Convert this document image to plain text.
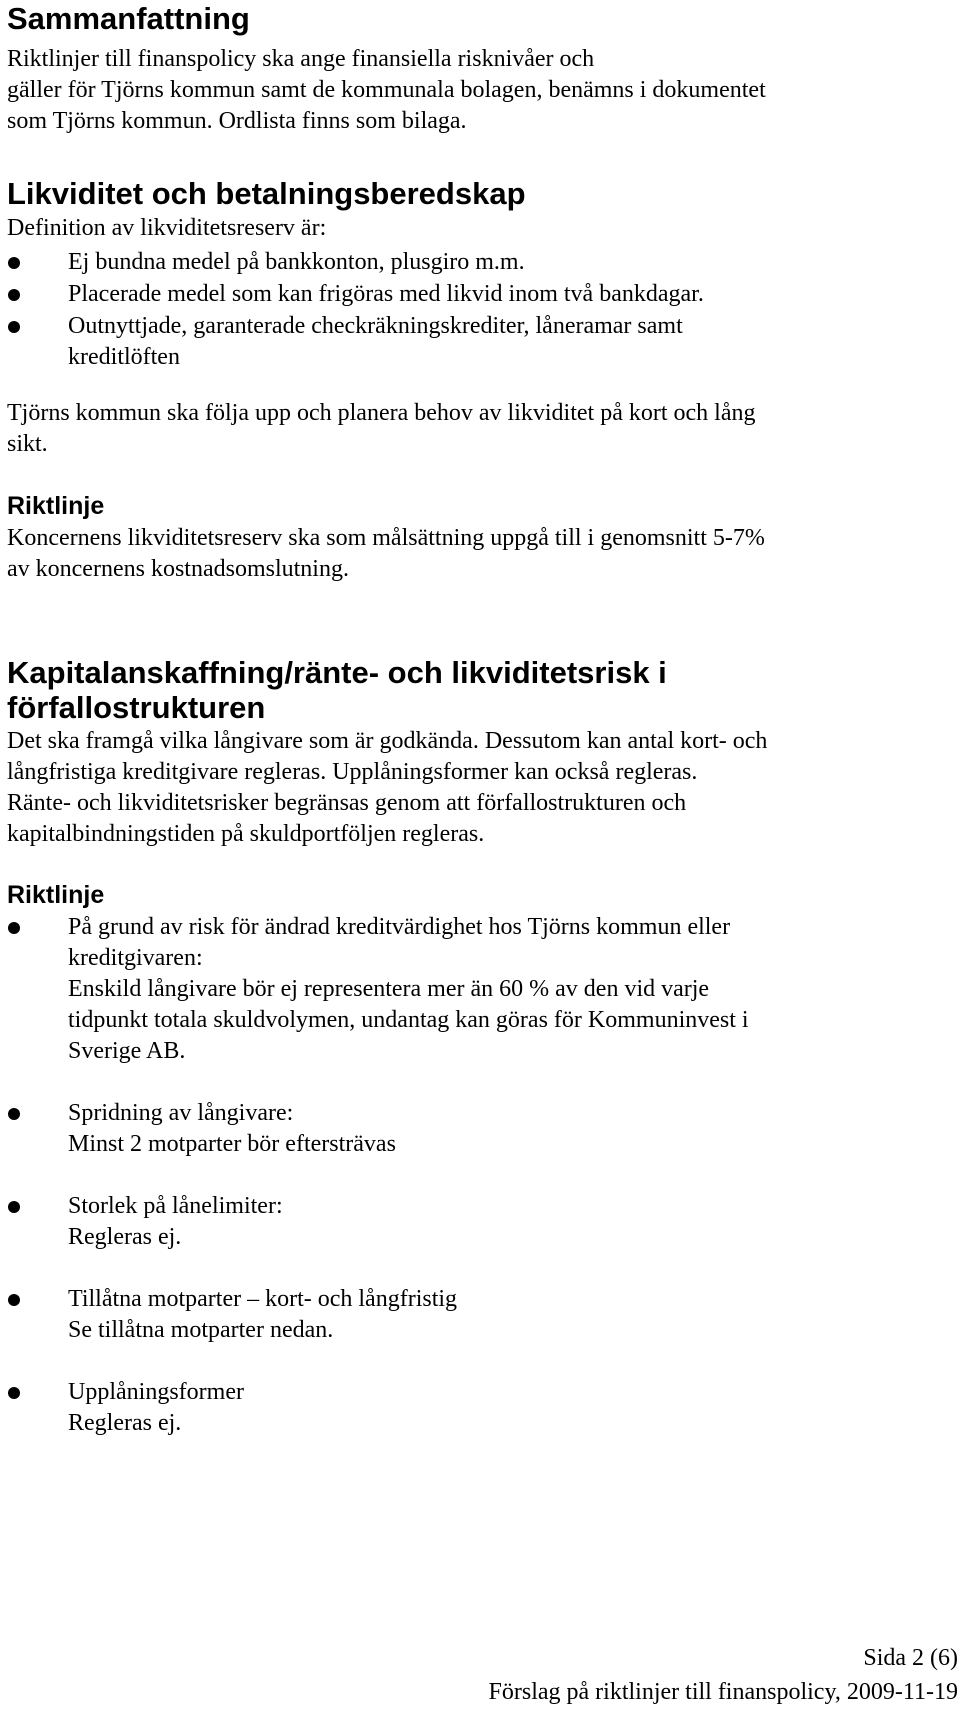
Sammanfattning
Riktlinjer till finanspolicy ska ange finansiella risknivåer och
gäller för Tjörns kommun samt de kommunala bolagen, benämns i dokumentet
som Tjörns kommun. Ordlista finns som bilaga.
Likviditet och betalningsberedskap
Definition av likviditetsreserv är:
Ej bundna medel på bankkonton, plusgiro m.m.
Placerade medel som kan frigöras med likvid inom två bankdagar.
Outnyttjade, garanterade checkräkningskrediter, låneramar samt
kreditlöften
Tjörns kommun ska följa upp och planera behov av likviditet på kort och lång
sikt.
Riktlinje
Koncernens likviditetsreserv ska som målsättning uppgå till i genomsnitt 5-7%
av koncernens kostnadsomslutning.
Kapitalanskaffning/ränte- och likviditetsrisk i
förfallostrukturen
Det ska framgå vilka långivare som är godkända. Dessutom kan antal kort- och
långfristiga kreditgivare regleras. Upplåningsformer kan också regleras.
Ränte- och likviditetsrisker begränsas genom att förfallostrukturen och
kapitalbindningstiden på skuldportföljen regleras.
Riktlinje
På grund av risk för ändrad kreditvärdighet hos Tjörns kommun eller
kreditgivaren:
Enskild långivare bör ej representera mer än 60 % av den vid varje
tidpunkt totala skuldvolymen, undantag kan göras för Kommuninvest i
Sverige AB.
Spridning av långivare:
Minst 2 motparter bör eftersträvas
Storlek på lånelimiter:
Regleras ej.
Tillåtna motparter – kort- och långfristig
Se tillåtna motparter nedan.
Upplåningsformer
Regleras ej.
Sida 2 (6)
Förslag på riktlinjer till finanspolicy, 2009-11-19
